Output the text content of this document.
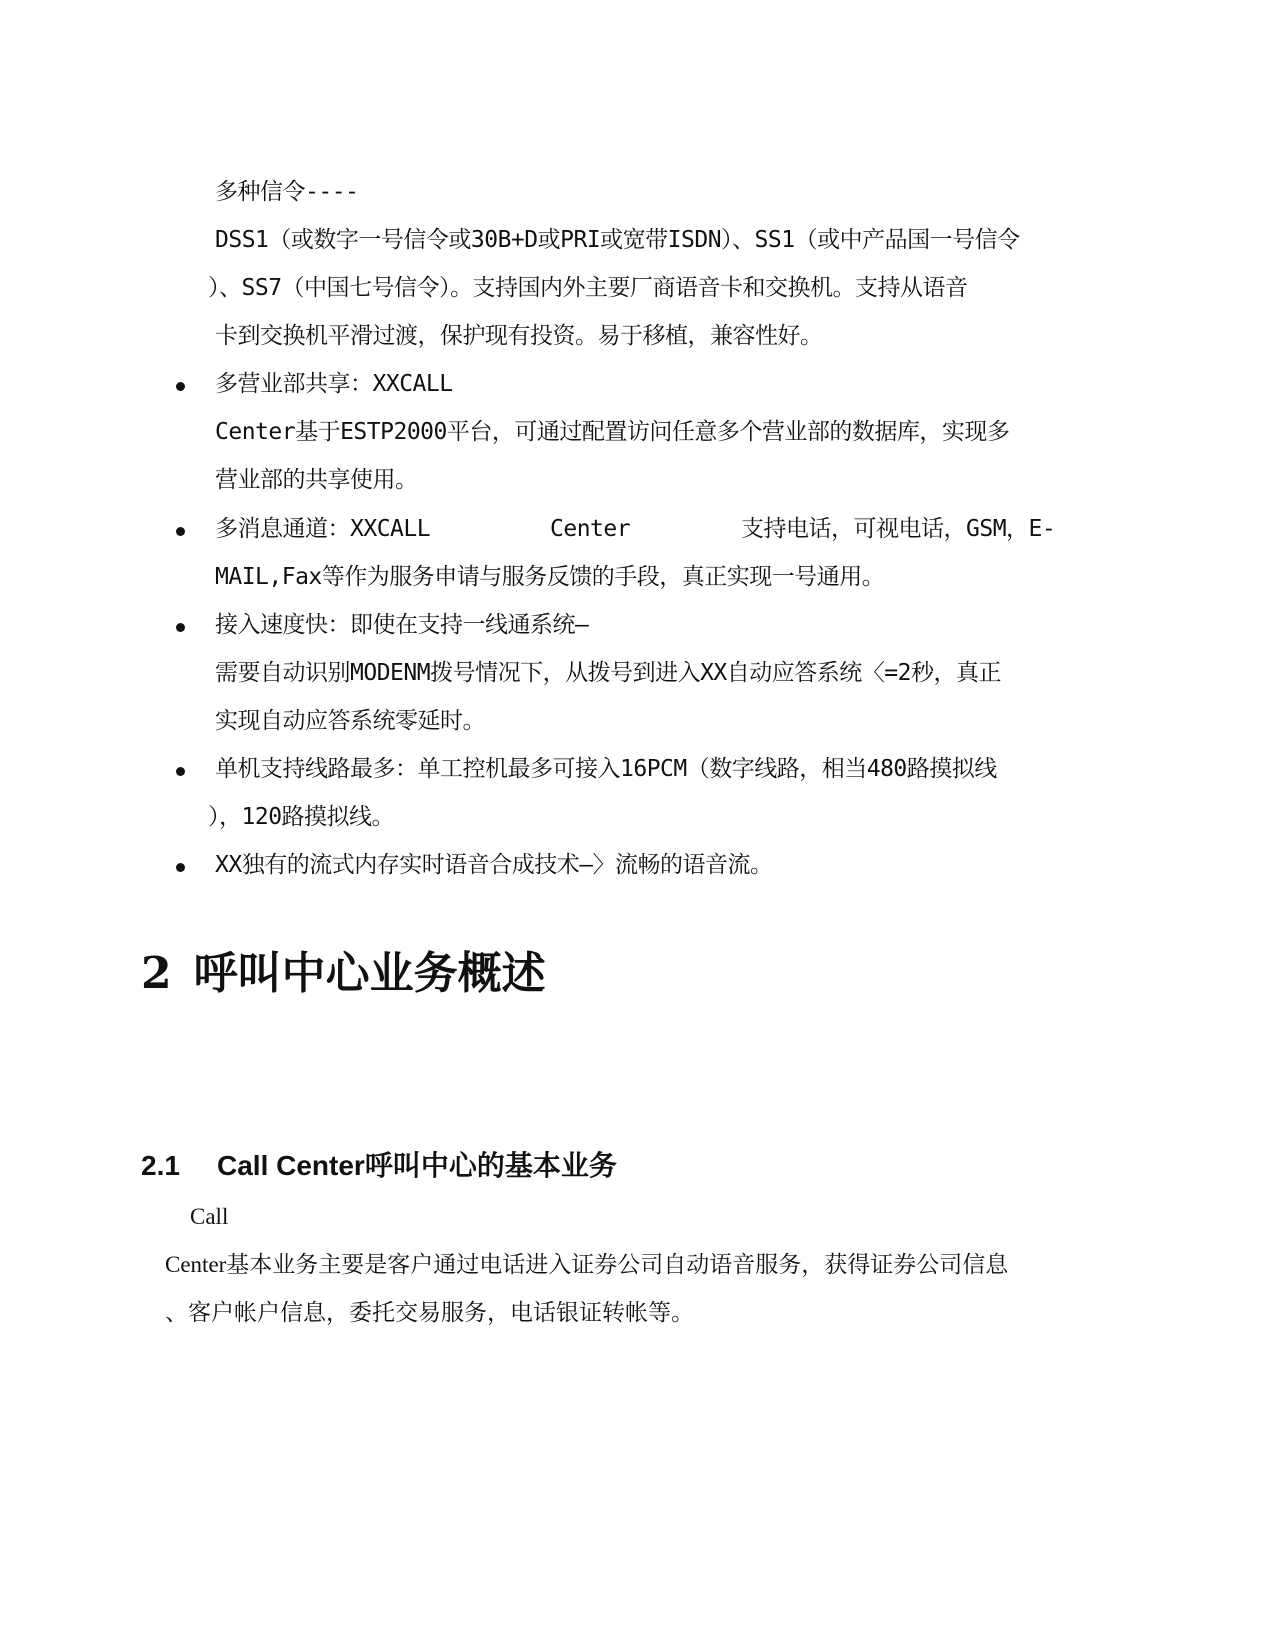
多种信令----
DSS1（或数字一号信令或30B+D或PRI或宽带ISDN）、SS1（或中产品国一号信令
）、SS7（中国七号信令）。支持国内外主要厂商语音卡和交换机。支持从语音
卡到交换机平滑过渡，保护现有投资。易于移植，兼容性好。
多营业部共享：XXCALL
Center基于ESTP2000平台，可通过配置访问任意多个营业部的数据库，实现多
营业部的共享使用。
多消息通道：XXCALL	Center	支持电话，可视电话，GSM，E-
MAIL,Fax等作为服务申请与服务反馈的手段，真正实现一号通用。
接入速度快：即使在支持一线通系统—
需要自动识别MODENM拨号情况下，从拨号到进入XX自动应答系统〈=2秒，真正
实现自动应答系统零延时。
单机支持线路最多：单工控机最多可接入16PCM（数字线路，相当480路摸拟线
），120路摸拟线。
XX独有的流式内存实时语音合成技术—〉流畅的语音流。
2 呼叫中心业务概述
2.1 Call Center呼叫中心的基本业务
Call
Center基本业务主要是客户通过电话进入证券公司自动语音服务，获得证券公司信息
、客户帐户信息，委托交易服务，电话银证转帐等。
